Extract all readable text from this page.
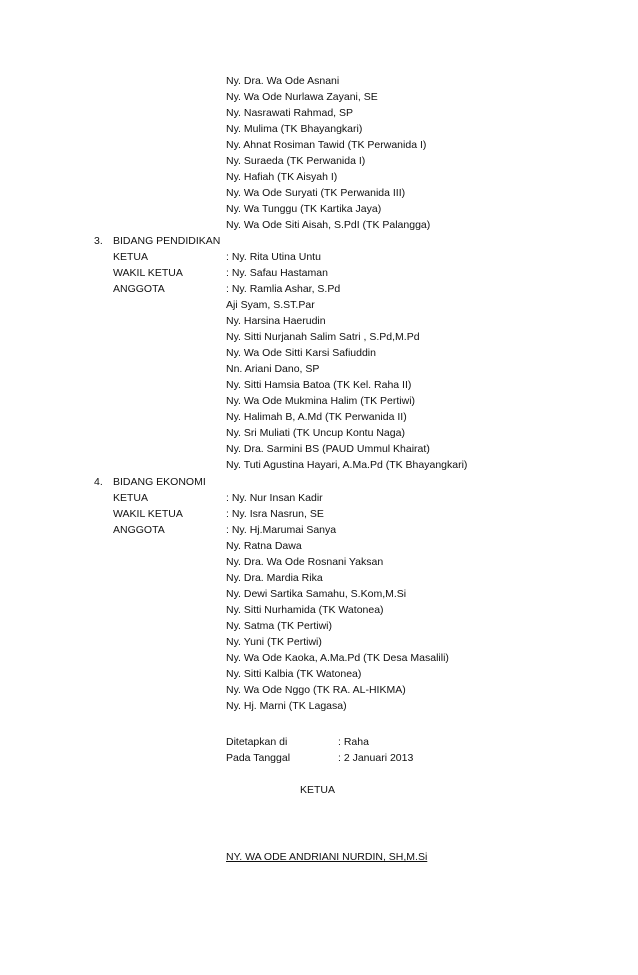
Ny. Dra. Wa Ode Asnani
Ny. Wa Ode Nurlawa Zayani, SE
Ny. Nasrawati Rahmad, SP
Ny. Mulima (TK Bhayangkari)
Ny. Ahnat Rosiman Tawid (TK Perwanida I)
Ny. Suraeda (TK Perwanida I)
Ny. Hafiah (TK Aisyah I)
Ny. Wa Ode Suryati (TK Perwanida III)
Ny. Wa Tunggu (TK Kartika Jaya)
Ny. Wa Ode Siti Aisah, S.PdI (TK Palangga)
3. BIDANG PENDIDIKAN
KETUA	: Ny. Rita Utina Untu
WAKIL KETUA	: Ny. Safau Hastaman
ANGGOTA	: Ny. Ramlia Ashar, S.Pd
Aji Syam, S.ST.Par
Ny. Harsina Haerudin
Ny. Sitti Nurjanah Salim Satri , S.Pd,M.Pd
Ny. Wa Ode Sitti Karsi Safiuddin
Nn. Ariani Dano, SP
Ny. Sitti Hamsia Batoa (TK Kel. Raha II)
Ny. Wa Ode Mukmina Halim (TK Pertiwi)
Ny. Halimah B, A.Md (TK Perwanida II)
Ny. Sri Muliati (TK Uncup Kontu Naga)
Ny. Dra. Sarmini BS (PAUD Ummul Khairat)
Ny. Tuti Agustina Hayari, A.Ma.Pd (TK Bhayangkari)
4. BIDANG EKONOMI
KETUA	: Ny. Nur Insan Kadir
WAKIL KETUA	: Ny. Isra Nasrun, SE
ANGGOTA	: Ny. Hj.Marumai Sanya
Ny. Ratna Dawa
Ny. Dra. Wa Ode Rosnani Yaksan
Ny. Dra. Mardia Rika
Ny. Dewi Sartika Samahu, S.Kom,M.Si
Ny. Sitti Nurhamida (TK Watonea)
Ny. Satma (TK Pertiwi)
Ny. Yuni (TK Pertiwi)
Ny. Wa Ode Kaoka, A.Ma.Pd (TK Desa Masalili)
Ny. Sitti Kalbia (TK Watonea)
Ny. Wa Ode Nggo (TK RA. AL-HIKMA)
Ny. Hj. Marni (TK Lagasa)
Ditetapkan di	: Raha
Pada Tanggal	: 2 Januari 2013
KETUA
NY. WA ODE ANDRIANI NURDIN, SH,M.Si
